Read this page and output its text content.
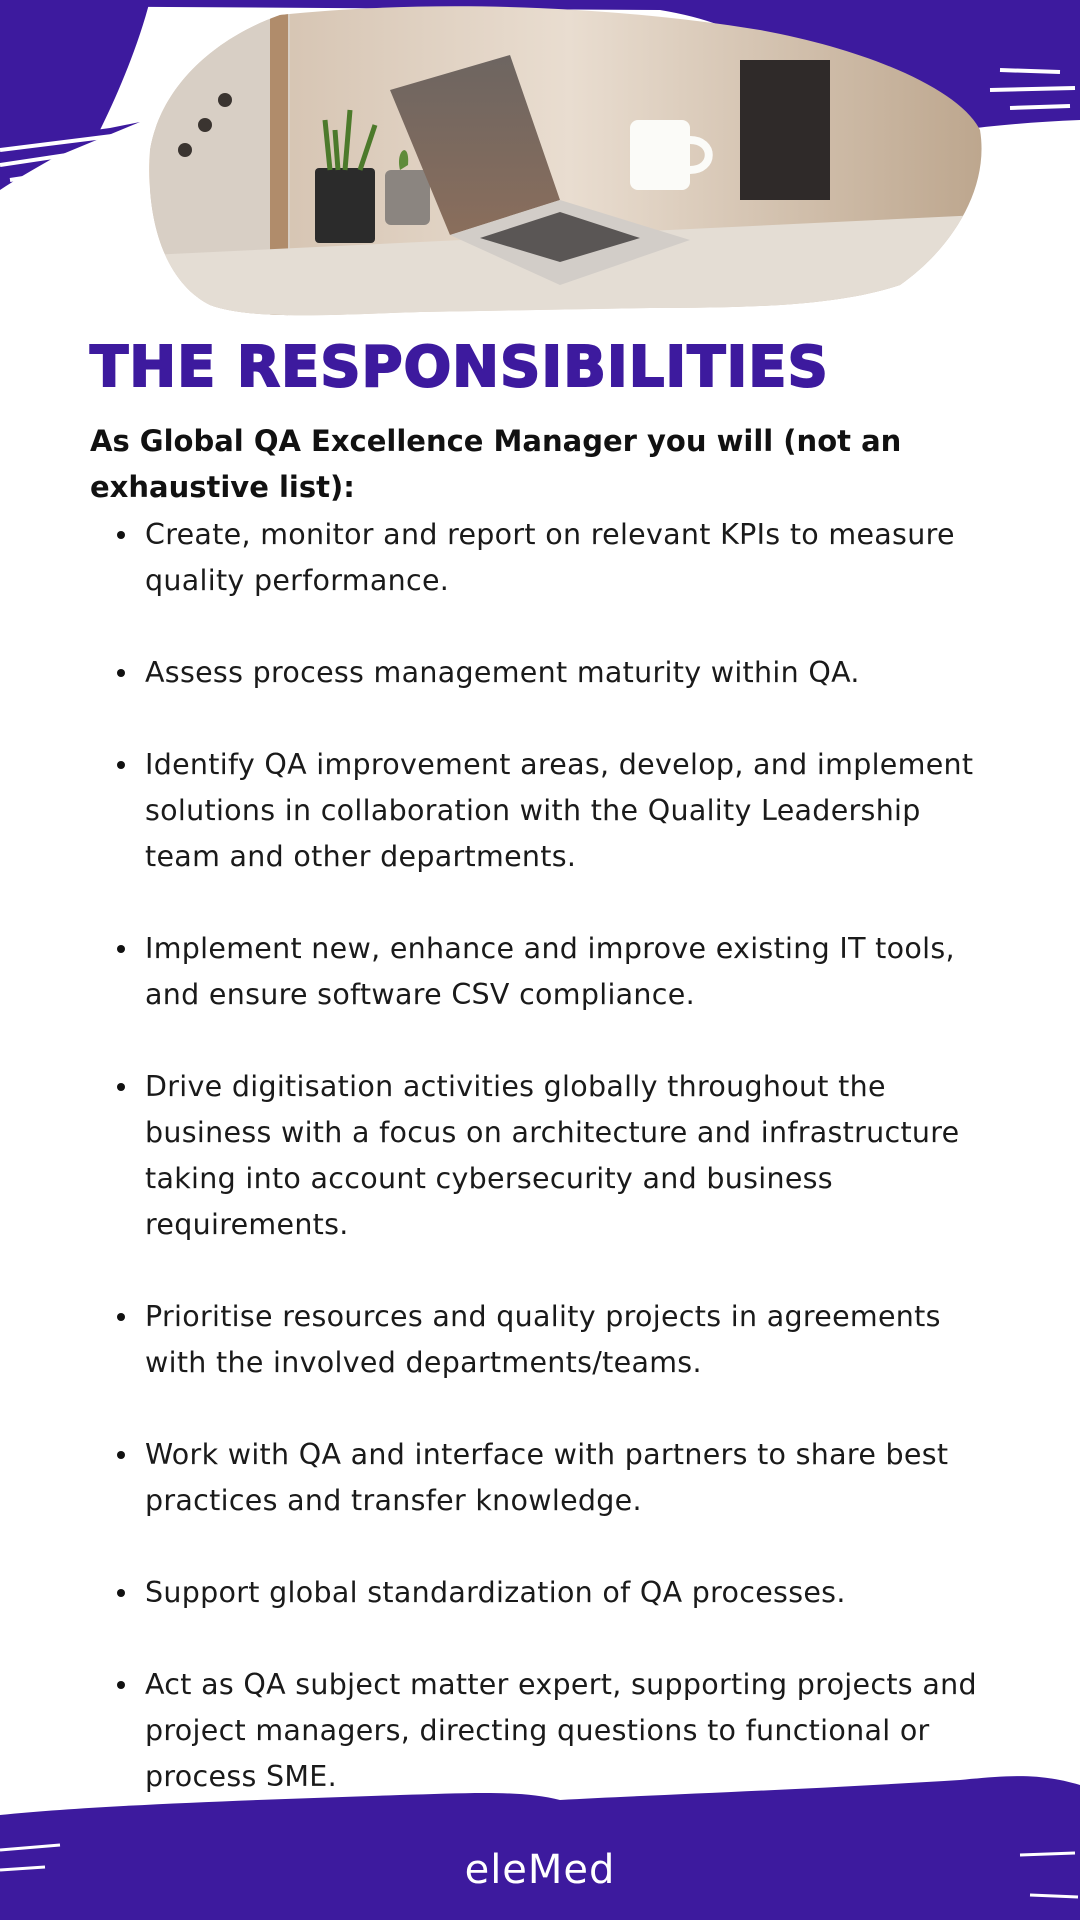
THE RESPONSIBILITIES

As Global QA Excellence Manager you will (not an exhaustive list):

Create, monitor and report on relevant KPIs to measure quality performance.
Assess process management maturity within QA.
Identify QA improvement areas, develop, and implement solutions in collaboration with the Quality Leadership team and other departments.
Implement new, enhance and improve existing IT tools, and ensure software CSV compliance.
Drive digitisation activities globally throughout the business with a focus on architecture and infrastructure taking into account cybersecurity and business requirements.
Prioritise resources and quality projects in agreements with the involved departments/teams.
Work with QA and interface with partners to share best practices and transfer knowledge.
Support global standardization of QA processes.
Act as QA subject matter expert, supporting projects and project managers, directing questions to functional or process SME.
eleMed
